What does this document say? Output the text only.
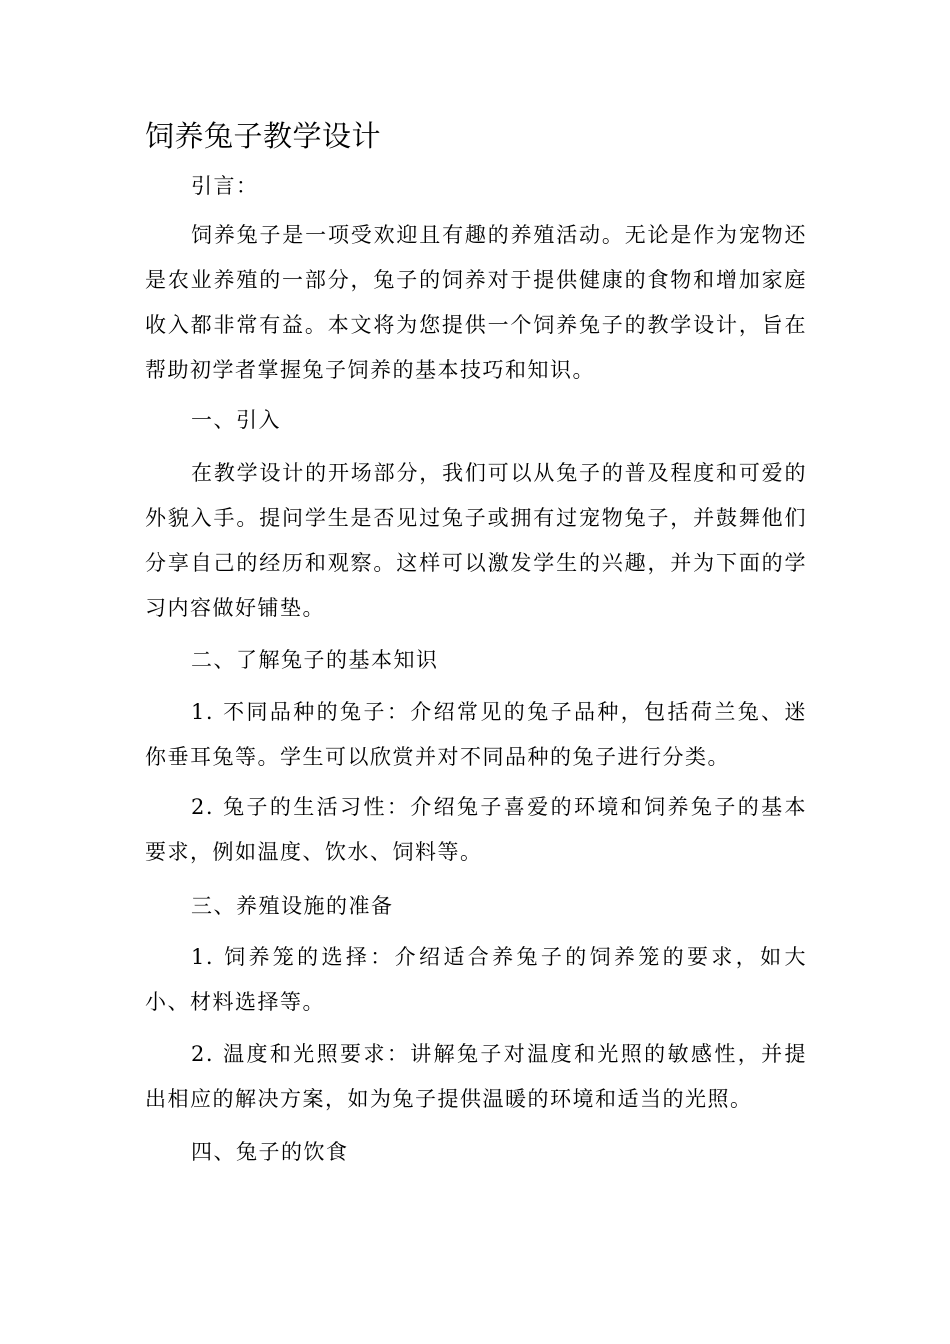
饲养兔子教学设计

引言：

饲养兔子是一项受欢迎且有趣的养殖活动。无论是作为宠物还是农业养殖的一部分，兔子的饲养对于提供健康的食物和增加家庭收入都非常有益。本文将为您提供一个饲养兔子的教学设计，旨在帮助初学者掌握兔子饲养的基本技巧和知识。

一、引入

在教学设计的开场部分，我们可以从兔子的普及程度和可爱的外貌入手。提问学生是否见过兔子或拥有过宠物兔子，并鼓舞他们分享自己的经历和观察。这样可以激发学生的兴趣，并为下面的学习内容做好铺垫。

二、了解兔子的基本知识

1. 不同品种的兔子：介绍常见的兔子品种，包括荷兰兔、迷你垂耳兔等。学生可以欣赏并对不同品种的兔子进行分类。

2. 兔子的生活习性：介绍兔子喜爱的环境和饲养兔子的基本要求，例如温度、饮水、饲料等。

三、养殖设施的准备

1. 饲养笼的选择：介绍适合养兔子的饲养笼的要求，如大小、材料选择等。

2. 温度和光照要求：讲解兔子对温度和光照的敏感性，并提出相应的解决方案，如为兔子提供温暖的环境和适当的光照。

四、兔子的饮食
